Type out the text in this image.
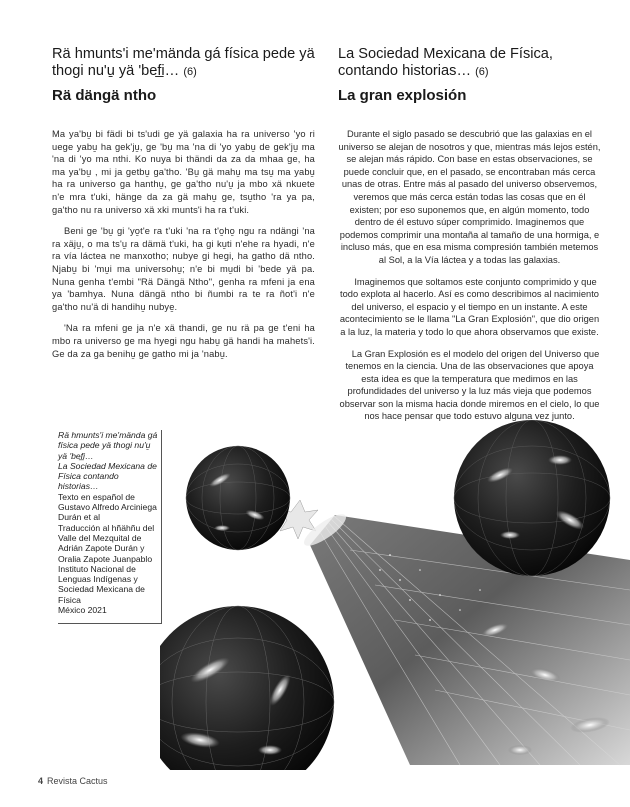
Rä hmunts'i me'mända gá física pede yä thogi nu'u̱ yä 'bef̲i… (6)
Rä dängä ntho

Ma ya'bu̱ bi fädi bi ts'udi ge yä galaxia ha ra universo 'yo ri uege yabu̱ ha gek'ju̱, ge 'bu̱ ma 'na di 'yo yabu̱ de gek'ju̱ ma 'na di 'yo ma nthi. Ko nuya bi thändi da za da mhaa ge, ha ma ya'bu̱ , mi ja getbu̱ ga'tho. 'Bu̱ gä mahu̱ ma tsu̱ ma yabu̱ ha ra universo ga hanthu̱, ge ga'tho nu'u̱ ja mbo xä nkuete n'e mra t'uki, hänge da za gä mahu̱ ge, tsu̱tho 'ra ya pa, ga'tho nu ra universo xä xki munts'i ha ra t'uki.

Beni ge 'bu̱ gi 'yo̱t'e ra t'uki 'na ra t'o̱ho̱ ngu ra ndängi 'na ra xäju̱, o ma ts'u̱ ra dämä t'uki, ha gi ku̱ti n'ehe ra hyadi, n'e ra vía láctea ne manxotho; nubye gi hegi, ha gatho dä ntho. Njabu̱ bi 'mu̱i ma universohu̱; n'e bi mu̱di bi 'bede yä pa. Nuna genha t'embi "Rä Dängä Ntho", genha ra mfeni ja ena ya 'bamhya. Nuna dängä ntho bi ñumbi ra te ra ñot'i n'e ga'tho nu'ä di handihu̱ nubye̱.

'Na ra mfeni ge ja n'e xä thandi, ge nu rä pa ge t'eni ha mbo ra universo ge ma hyegi ngu habu̱ gä handi ha mahets'i. Ge da za ga benihu̱ ge gatho mi ja 'nabu̱.

La Sociedad Mexicana de Física, contando historias… (6)
La gran explosión

Durante el siglo pasado se descubrió que las galaxias en el universo se alejan de nosotros y que, mientras más lejos estén, se alejan más rápido. Con base en estas observaciones, se puede concluir que, en el pasado, se encontraban más cerca unas de otras. Entre más al pasado del universo observemos, veremos que más cerca están todas las cosas que en él existen; por eso suponemos que, en algún momento, todo dentro de él estuvo súper comprimido. Imaginemos que podemos comprimir una montaña al tamaño de una hormiga, e incluso más, que en esa misma compresión también metemos al Sol, a la Vía láctea y a todas las galaxias.

Imaginemos que soltamos este conjunto comprimido y que todo explota al hacerlo. Así es como describimos al nacimiento del universo, el espacio y el tiempo en un instante. A este acontecimiento se le llama "La Gran Explosión", que dio origen a la luz, la materia y todo lo que ahora observamos que existe.

La Gran Explosión es el modelo del origen del Universo que tenemos en la ciencia. Una de las observaciones que apoya esta idea es que la temperatura que medimos en las profundidades del universo y la luz más vieja que podemos observar son la misma hacia donde miremos en el cielo, lo que nos hace pensar que todo estuvo alguna vez junto.

Rä hmunts'i me'mända gá física pede yä thogi nu'u̱ yä 'bef̲i…
La Sociedad Mexicana de Física contando historias…
Texto en español de Gustavo Alfredo Arciniega Durán et al
Traducción al hñähñu del Valle del Mezquital de Adrián Zapote Durán y Oralia Zapote Juanpablo
Instituto Nacional de Lenguas Indígenas y Sociedad Mexicana de Física
México 2021
4 Revista Cactus
